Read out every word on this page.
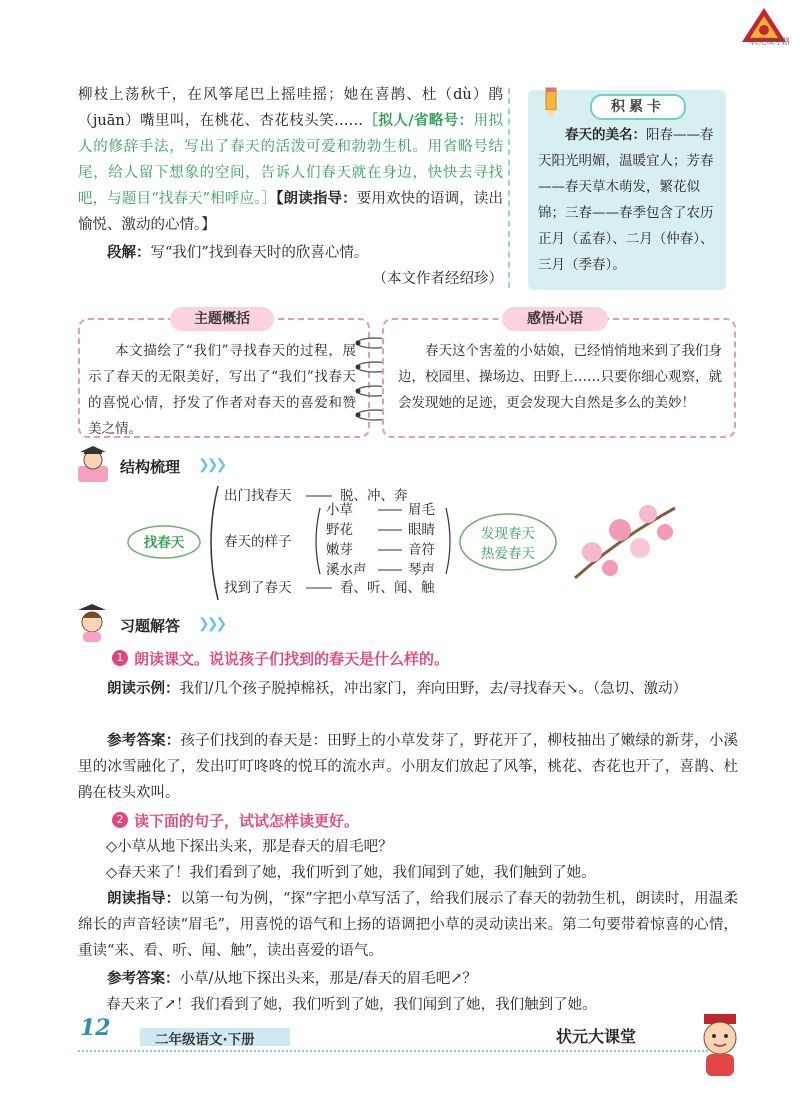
状元成才路
柳枝上荡秋千，在风筝尾巴上摇哇摇；她在喜鹊、杜（dù）鹃（juān）嘴里叫，在桃花、杏花枝头笑……［拟人/省略号：用拟人的修辞手法，写出了春天的活泼可爱和勃勃生机。用省略号结尾，给人留下想象的空间，告诉人们春天就在身边，快快去寻找吧，与题目“找春天”相呼应。］【朗读指导：要用欢快的语调，读出愉悦、激动的心情。】
段解：写“我们”找到春天时的欣喜心情。
（本文作者经绍珍）
积累卡
春天的美名：阳春——春天阳光明媚，温暖宜人；芳春——春天草木萌发，繁花似锦；三春——春季包含了农历正月（孟春）、二月（仲春）、三月（季春）。
主题概括
本文描绘了“我们”寻找春天的过程，展示了春天的无限美好，写出了“我们”找春天的喜悦心情，抒发了作者对春天的喜爱和赞美之情。
感悟心语
春天这个害羞的小姑娘，已经悄悄地来到了我们身边，校园里、操场边、田野上……只要你细心观察，就会发现她的足迹，更会发现大自然是多么的美妙！
结构梳理 ❯❯❯
找春天
出门找春天	脱、冲、奔
春天的样子
小草	眉毛
野花	眼睛
嫩芽	音符
溪水声	琴声
找到了春天	看、听、闻、触
发现春天
热爱春天
习题解答 ❯❯❯
1 朗读课文。说说孩子们找到的春天是什么样的。
朗读示例：我们/几个孩子脱掉棉袄，冲出家门，奔向田野，去/寻找春天↘。（急切、激动）
参考答案：孩子们找到的春天是：田野上的小草发芽了，野花开了，柳枝抽出了嫩绿的新芽，小溪里的冰雪融化了，发出叮叮咚咚的悦耳的流水声。小朋友们放起了风筝，桃花、杏花也开了，喜鹊、杜鹃在枝头欢叫。
2 读下面的句子，试试怎样读更好。
◇小草从地下探出头来，那是春天的眉毛吧？
◇春天来了！我们看到了她，我们听到了她，我们闻到了她，我们触到了她。
朗读指导：以第一句为例，“探”字把小草写活了，给我们展示了春天的勃勃生机，朗读时，用温柔绵长的声音轻读“眉毛”，用喜悦的语气和上扬的语调把小草的灵动读出来。第二句要带着惊喜的心情，重读“来、看、听、闻、触”，读出喜爱的语气。
参考答案：小草/从地下探出头来，那是/春天的眉毛吧↗？
春天来了↗！我们看到了她，我们听到了她，我们闻到了她，我们触到了她。
12	二年级语文·下册	状元大课堂
